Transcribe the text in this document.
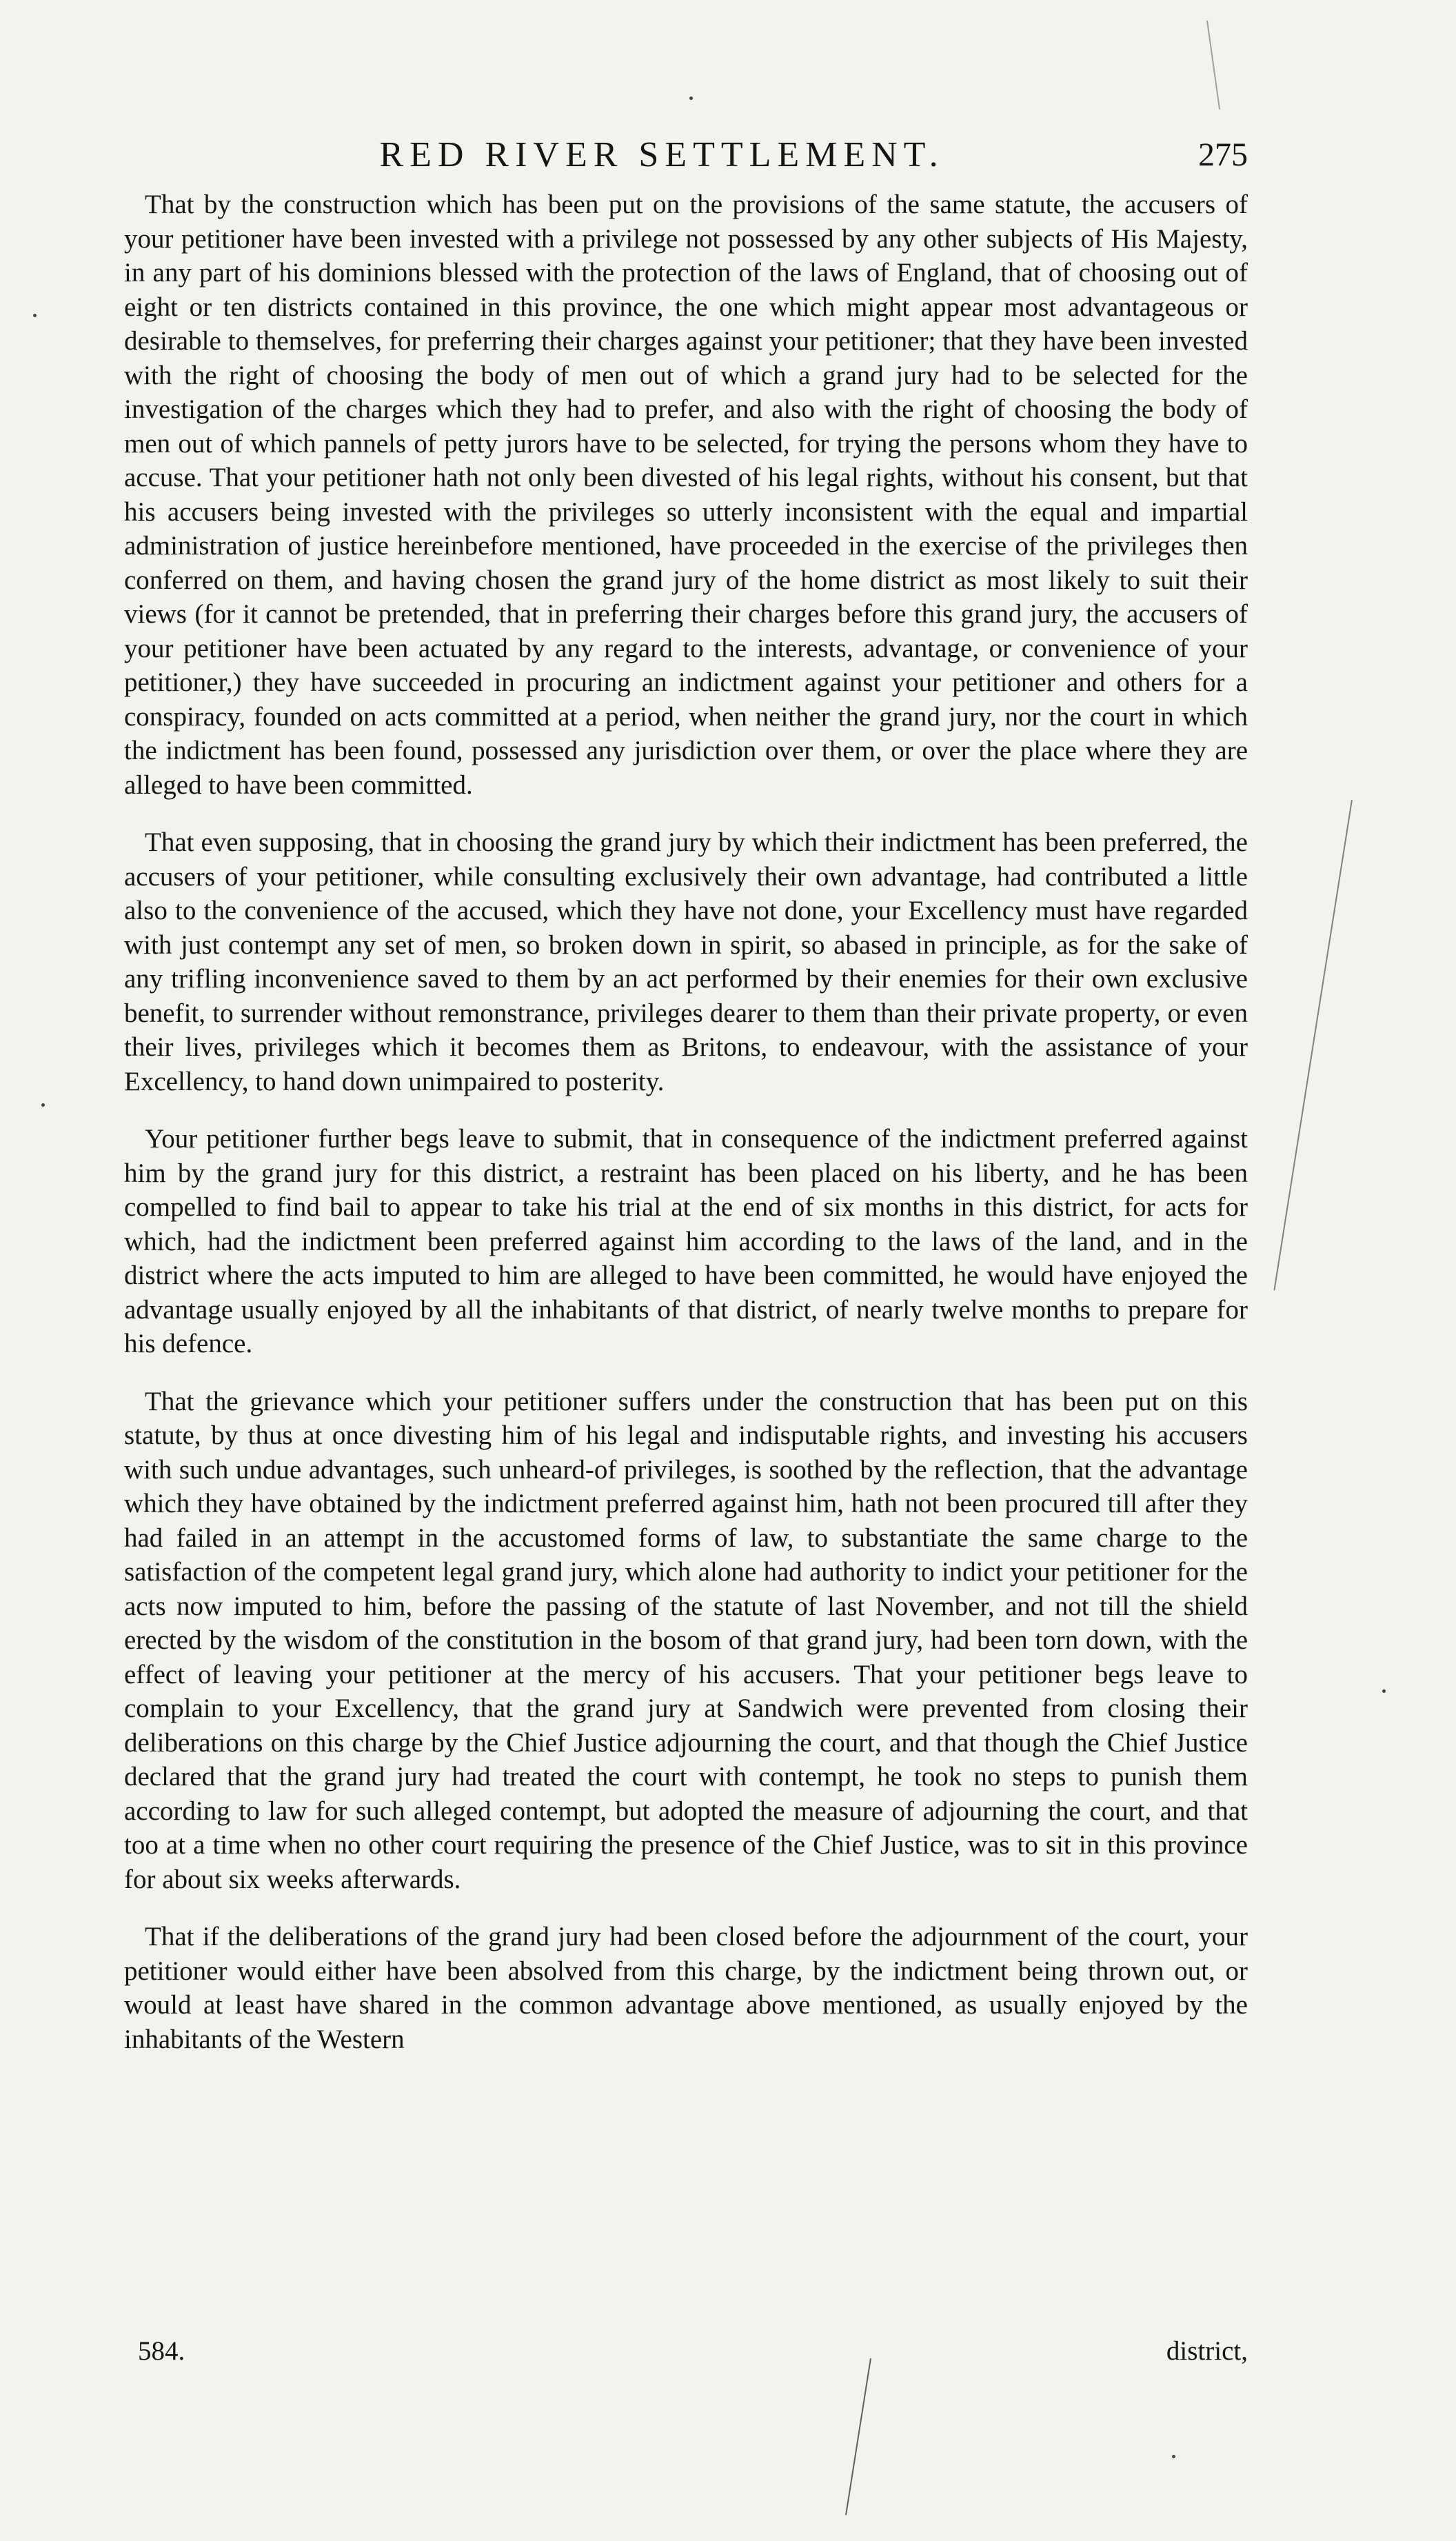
RED RIVER SETTLEMENT.	275

That by the construction which has been put on the provisions of the same statute, the accusers of your petitioner have been invested with a privilege not possessed by any other subjects of His Majesty, in any part of his dominions blessed with the protection of the laws of England, that of choosing out of eight or ten districts contained in this province, the one which might appear most advantageous or desirable to themselves, for preferring their charges against your petitioner; that they have been invested with the right of choosing the body of men out of which a grand jury had to be selected for the investigation of the charges which they had to prefer, and also with the right of choosing the body of men out of which pannels of petty jurors have to be selected, for trying the persons whom they have to accuse. That your petitioner hath not only been divested of his legal rights, without his consent, but that his accusers being invested with the privileges so utterly inconsistent with the equal and impartial administration of justice hereinbefore mentioned, have proceeded in the exercise of the privileges then conferred on them, and having chosen the grand jury of the home district as most likely to suit their views (for it cannot be pretended, that in preferring their charges before this grand jury, the accusers of your petitioner have been actuated by any regard to the interests, advantage, or convenience of your petitioner,) they have succeeded in procuring an indictment against your petitioner and others for a conspiracy, founded on acts committed at a period, when neither the grand jury, nor the court in which the indictment has been found, possessed any jurisdiction over them, or over the place where they are alleged to have been committed.

That even supposing, that in choosing the grand jury by which their indictment has been preferred, the accusers of your petitioner, while consulting exclusively their own advantage, had contributed a little also to the convenience of the accused, which they have not done, your Excellency must have regarded with just contempt any set of men, so broken down in spirit, so abased in principle, as for the sake of any trifling inconvenience saved to them by an act performed by their enemies for their own exclusive benefit, to surrender without remonstrance, privileges dearer to them than their private property, or even their lives, privileges which it becomes them as Britons, to endeavour, with the assistance of your Excellency, to hand down unimpaired to posterity.

Your petitioner further begs leave to submit, that in consequence of the indictment preferred against him by the grand jury for this district, a restraint has been placed on his liberty, and he has been compelled to find bail to appear to take his trial at the end of six months in this district, for acts for which, had the indictment been preferred against him according to the laws of the land, and in the district where the acts imputed to him are alleged to have been committed, he would have enjoyed the advantage usually enjoyed by all the inhabitants of that district, of nearly twelve months to prepare for his defence.

That the grievance which your petitioner suffers under the construction that has been put on this statute, by thus at once divesting him of his legal and indisputable rights, and investing his accusers with such undue advantages, such unheard-of privileges, is soothed by the reflection, that the advantage which they have obtained by the indictment preferred against him, hath not been procured till after they had failed in an attempt in the accustomed forms of law, to substantiate the same charge to the satisfaction of the competent legal grand jury, which alone had authority to indict your petitioner for the acts now imputed to him, before the passing of the statute of last November, and not till the shield erected by the wisdom of the constitution in the bosom of that grand jury, had been torn down, with the effect of leaving your petitioner at the mercy of his accusers. That your petitioner begs leave to complain to your Excellency, that the grand jury at Sandwich were prevented from closing their deliberations on this charge by the Chief Justice adjourning the court, and that though the Chief Justice declared that the grand jury had treated the court with contempt, he took no steps to punish them according to law for such alleged contempt, but adopted the measure of adjourning the court, and that too at a time when no other court requiring the presence of the Chief Justice, was to sit in this province for about six weeks afterwards.

That if the deliberations of the grand jury had been closed before the adjournment of the court, your petitioner would either have been absolved from this charge, by the indictment being thrown out, or would at least have shared in the common advantage above mentioned, as usually enjoyed by the inhabitants of the Western

584.	district,
